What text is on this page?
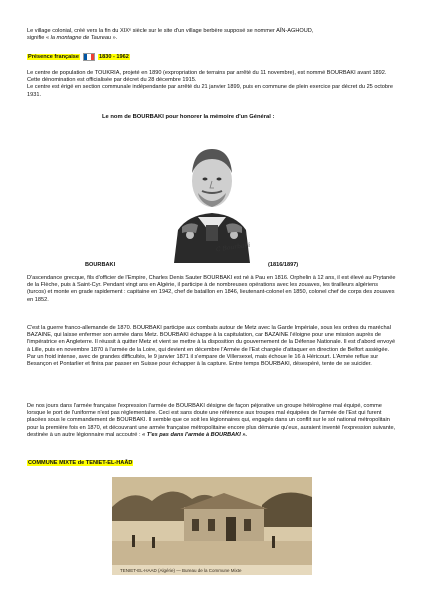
Le village colonial, créé vers la fin du XIXᵉ siècle sur le site d'un village berbère supposé se nommer AÏN-AGHOUD,

signifie « la montagne de Taureau ».

Présence française	1830 - 1962

Le centre de population de TOUKRIA, projeté en 1890 (expropriation de terrains par arrêté du 11 novembre), est nommé BOURBAKI avant 1892. Cette dénomination est officialisée par décret du 28 décembre 1915.

Le centre est érigé en section communale indépendante par arrêté du 21 janvier 1899, puis en commune de plein exercice par décret du 25 octobre 1931.

Le nom de BOURBAKI pour honorer la mémoire d'un Général :
C Bourbaki
BOURBAKI	(1816/1897)
D'ascendance grecque, fils d'officier de l'Empire, Charles Denis Sauter BOURBAKI est né à Pau en 1816. Orphelin à 12 ans, il est élevé au Prytanée de la Flèche, puis à Saint-Cyr. Pendant vingt ans en Algérie, il participe à de nombreuses opérations avec les zouaves, les tirailleurs algériens (turcos) et monte en grade rapidement : capitaine en 1942, chef de bataillon en 1846, lieutenant-colonel en 1850, colonel chef de corps des zouaves en 1852.
C'est la guerre franco-allemande de 1870. BOURBAKI participe aux combats autour de Metz avec la Garde Impériale, sous les ordres du maréchal BAZAINE, qui laisse enfermer son armée dans Metz. BOURBAKI échappe à la capitulation, car BAZAINE l'éloigne pour une mission auprès de l'impératrice en Angleterre. Il réussit à quitter Metz et vient se mettre à la disposition du gouvernement de la Défense Nationale. Il est d'abord envoyé à Lille, puis en novembre 1870 à l'armée de la Loire, qui devient en décembre l'Armée de l'Est chargée d'attaquer en direction de Belfort assiégée. Par un froid intense, avec de grandes difficultés, le 9 janvier 1871 il s'empare de Villersexel, mais échoue le 16 à Héricourt. L'Armée reflue sur Besançon et Pontarlier et finira par passer en Suisse pour échapper à la capture. Entre temps BOURBAKI, désespéré, tente de se suicider.
De nos jours dans l'armée française l'expression l'armée de BOURBAKI désigne de façon péjorative un groupe hétérogène mal équipé, comme lorsque le port de l'uniforme n'est pas réglementaire. Ceci est sans doute une référence aux troupes mal équipées de l'armée de l'Est qui furent placées sous le commandement de BOURBAKI. Il semble que ce soit les légionnaires qui, engagés dans un conflit sur le sol national métropolitain pour la première fois en 1870, et découvrant une armée française métropolitaine encore plus démunie qu'eux, auraient inventé l'expression suivante, destinée à un autre légionnaire mal accoutré : « T'es pas dans l'armée à BOURBAKI ».
COMMUNE MIXTE de TENIET-EL-HAÂD
TENIET-EL-HAAD (Algérie) — Bureau de la Commune Mixte
